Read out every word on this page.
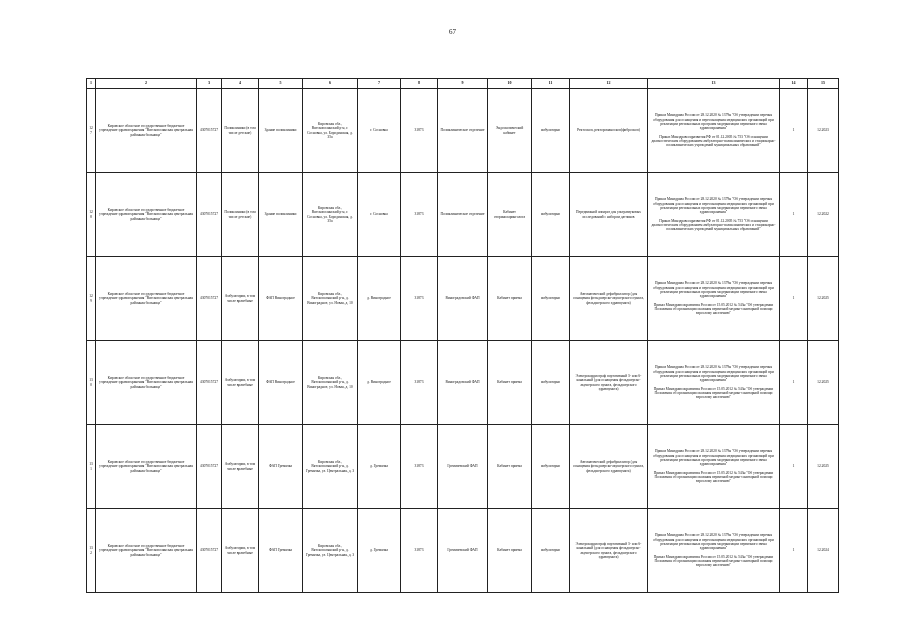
67
1	2	3	4	5	6	7	8	9	10	11	12	13	14	15
127	Кировское областное государственное бюджетное учреждение здравоохранения "Вятскополянская центральная районная больница"	4307015727	Поликлиники (в том числе детские)	Здание поликлиники	Кировская обл., Вятскополянский р-н, г. Сосновка, ул. Бородинская, д. 35а	г. Сосновка	31873	Поликлиническое отделение	Эндоскопический кабинет	амбулаторно	Ректоскоп, ректороманоскоп(фиброскоп)	Приказ Минздрава России от 28.12.2020 № 1379н "Об утверждении перечня оборудования для оснащения и переоснащения медицинских организаций при реализации региональных программ модернизации первичного звена здравоохранения"

Приказ Минздравсоцразвития РФ от 01.12.2005 № 753 "Об оснащении диагностическим оборудованием амбулаторно-поликлинических и стационарно-поликлинических учреждений муниципальных образований"	1	12.2023
128	Кировское областное государственное бюджетное учреждение здравоохранения "Вятскополянская центральная районная больница"	4307015727	Поликлиники (в том числе детские)	Здание поликлиники	Кировская обл., Вятскополянский р-н, г. Сосновка, ул. Бородинская, д. 35а	г. Сосновка	31873	Поликлиническое отделение	Кабинет оториноларинголога	амбулаторно	Передвижной аппарат для ультразвуковых исследований с набором датчиков	Приказ Минздрава России от 28.12.2020 № 1379н "Об утверждении перечня оборудования для оснащения и переоснащения медицинских организаций при реализации региональных программ модернизации первичного звена здравоохранения"

Приказ Минздравсоцразвития РФ от 01.12.2005 № 753 "Об оснащении диагностическим оборудованием амбулаторно-поликлинических и стационарно-поликлинических учреждений муниципальных образований"	1	12.2022
129	Кировское областное государственное бюджетное учреждение здравоохранения "Вятскополянская центральная районная больница"	4307015727	Амбулатории, в том числе врачебные	ФАП Виноградное	Кировская обл., Вятскополянский р-н, д. Виноградное, ул. Новая, д. 10	д. Виноградное	31873	Виноградовский ФАП	Кабинет приема	амбулаторно	Автоматический дефибриллятор (для оснащения фельдшерско-акушерского пункта, фельдшерского здравпункта)	Приказ Минздрава России от 28.12.2020 № 1379н "Об утверждении перечня оборудования для оснащения и переоснащения медицинских организаций при реализации региональных программ модернизации первичного звена здравоохранения"

Приказ Минздравсоцразвития России от 15.05.2012 № 543н "Об утверждении Положения об организации оказания первичной медико-санитарной помощи взрослому населению"	1	12.2025
130	Кировское областное государственное бюджетное учреждение здравоохранения "Вятскополянская центральная районная больница"	4307015727	Амбулатории, в том числе врачебные	ФАП Виноградное	Кировская обл., Вятскополянский р-н, д. Виноградное, ул. Новая, д. 10	д. Виноградное	31873	Виноградовский ФАП	Кабинет приема	амбулаторно	Электрокардиограф портативный 3- или 6-канальный (для оснащения фельдшерско-акушерского пункта, фельдшерского здравпункта)	Приказ Минздрава России от 28.12.2020 № 1379н "Об утверждении перечня оборудования для оснащения и переоснащения медицинских организаций при реализации региональных программ модернизации первичного звена здравоохранения"

Приказ Минздравсоцразвития России от 15.05.2012 № 543н "Об утверждении Положения об организации оказания первичной медико-санитарной помощи взрослому населению"	1	12.2025
131	Кировское областное государственное бюджетное учреждение здравоохранения "Вятскополянская центральная районная больница"	4307015727	Амбулатории, в том числе врачебные	ФАП Гремячка	Кировская обл., Вятскополянский р-н, д. Гремячка, ул. Центральная, д. 3	д. Гремячка	31873	Гремячевский ФАП	Кабинет приема	амбулаторно	Автоматический дефибриллятор (для оснащения фельдшерско-акушерского пункта, фельдшерского здравпункта)	Приказ Минздрава России от 28.12.2020 № 1379н "Об утверждении перечня оборудования для оснащения и переоснащения медицинских организаций при реализации региональных программ модернизации первичного звена здравоохранения"

Приказ Минздравсоцразвития России от 15.05.2012 № 543н "Об утверждении Положения об организации оказания первичной медико-санитарной помощи взрослому населению"	1	12.2025
132	Кировское областное государственное бюджетное учреждение здравоохранения "Вятскополянская центральная районная больница"	4307015727	Амбулатории, в том числе врачебные	ФАП Гремячка	Кировская обл., Вятскополянский р-н, д. Гремячка, ул. Центральная, д. 3	д. Гремячка	31873	Гремячевский ФАП	Кабинет приема	амбулаторно	Электрокардиограф портативный 3- или 6-канальный (для оснащения фельдшерско-акушерского пункта, фельдшерского здравпункта)	Приказ Минздрава России от 28.12.2020 № 1379н "Об утверждении перечня оборудования для оснащения и переоснащения медицинских организаций при реализации региональных программ модернизации первичного звена здравоохранения"

Приказ Минздравсоцразвития России от 15.05.2012 № 543н "Об утверждении Положения об организации оказания первичной медико-санитарной помощи взрослому населению"	1	12.2024
